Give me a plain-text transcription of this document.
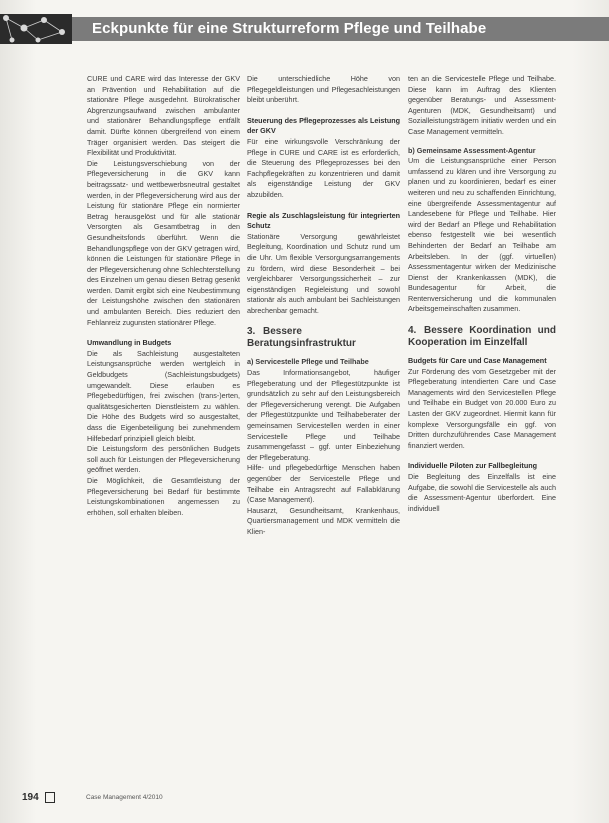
Eckpunkte für eine Strukturreform Pflege und Teilhabe

CURE und CARE wird das Interesse der GKV an Prävention und Rehabilitation auf die stationäre Pflege ausgedehnt. Bürokratischer Abgrenzungsaufwand zwischen ambulanter und stationärer Behandlungspflege entfällt damit. Dürfte können übergreifend von einem Träger organisiert werden. Das steigert die Flexibilität und Produktivität.

Die Leistungsverschiebung von der Pflegeversicherung in die GKV kann beitragssatz- und wettbewerbsneutral gestaltet werden, in der Pflegeversicherung wird aus der Leistung für stationäre Pflege ein normierter Betrag herausgelöst und für alle stationär Versorgten als Gesamtbetrag in den Gesundheitsfonds überführt. Wenn die Behandlungspflege von der GKV getragen wird, können die Leistungen für stationäre Pflege in der Pflegeversicherung ohne Schlechterstellung des Einzelnen um genau diesen Betrag gesenkt werden. Damit ergibt sich eine Neubestimmung der Leistungshöhe zwischen den stationären und ambulanten Bereich. Dies reduziert den Fehlanreiz zugunsten stationärer Pflege.

Umwandlung in Budgets

Die als Sachleistung ausgestalteten Leistungsansprüche werden wertgleich in Geldbudgets (Sachleistungsbudgets) umgewandelt. Diese erlauben es Pflegebedürftigen, frei zwischen (trans-)erten, qualitätsgesicherten Dienstleistern zu wählen. Die Höhe des Budgets wird so ausgestaltet, dass die Eigenbeteiligung bei zunehmendem Hilfebedarf prinzipiell gleich bleibt.

Die Leistungsform des persönlichen Budgets soll auch für Leistungen der Pflegeversicherung geöffnet werden.

Die Möglichkeit, die Gesamtleistung der Pflegeversicherung bei Bedarf für bestimmte Leistungskombinationen angemessen zu erhöhen, soll erhalten bleiben.

Die unterschiedliche Höhe von Pflegegeldleistungen und Pflegesachleistungen bleibt unberührt.

Steuerung des Pflegeprozesses als Leistung der GKV

Für eine wirkungsvolle Verschränkung der Pflege in CURE und CARE ist es erforderlich, die Steuerung des Pflegeprozesses bei den Fachpflegekräften zu konzentrieren und damit als eigenständige Leistung der GKV abzubilden.

Regie als Zuschlagsleistung für integrierten Schutz

Stationäre Versorgung gewährleistet Begleitung, Koordination und Schutz rund um die Uhr. Um flexible Versorgungsarrangements zu fördern, wird diese Besonderheit – bei vergleichbarer Versorgungssicherheit – zur eigenständigen Regieleistung und sowohl stationär als auch ambulant bei Sachleistungen abrechenbar gemacht.

3. Bessere Beratungsinfrastruktur

a) Servicestelle Pflege und Teilhabe

Das Informationsangebot, häufiger Pflegeberatung und der Pflegestützpunkte ist grundsätzlich zu sehr auf den Leistungsbereich der Pflegeversicherung verengt. Die Aufgaben der Pflegestützpunkte und Teilhabeberater der gemeinsamen Servicestellen werden in einer Servicestelle Pflege und Teilhabe zusammengefasst – ggf. unter Einbeziehung der Pflegeberatung.

Hilfe- und pflegebedürftige Menschen haben gegenüber der Servicestelle Pflege und Teilhabe ein Antragsrecht auf Fallabklärung (Case Management).

Hausarzt, Gesundheitsamt, Krankenhaus, Quartiersmanagement und MDK vermitteln die Klien-

ten an die Servicestelle Pflege und Teilhabe. Diese kann im Auftrag des Klienten gegenüber Beratungs- und Assessment-Agenturen (MDK, Gesundheitsamt) und Sozialleistungsträgern initiativ werden und ein Case Management vermitteln.

b) Gemeinsame Assessment-Agentur

Um die Leistungsansprüche einer Person umfassend zu klären und ihre Versorgung zu planen und zu koordinieren, bedarf es einer weiteren und neu zu schaffenden Einrichtung, eine übergreifende Assessmentagentur auf Landesebene für Pflege und Teilhabe. Hier wird der Bedarf an Pflege und Rehabilitation ebenso festgestellt wie bei wesentlich Behinderten der Bedarf an Teilhabe am Arbeitsleben. In der (ggf. virtuellen) Assessmentagentur wirken der Medizinische Dienst der Krankenkassen (MDK), die Bundesagentur für Arbeit, die Rentenversicherung und die kommunalen Arbeitsgemeinschaften zusammen.

4. Bessere Koordination und Kooperation im Einzelfall

Budgets für Care und Case Management

Zur Förderung des vom Gesetzgeber mit der Pflegeberatung intendierten Care und Case Managements wird den Servicestellen Pflege und Teilhabe ein Budget von 20.000 Euro zu Lasten der GKV zugeordnet. Hiermit kann für komplexe Versorgungsfälle ein ggf. von Dritten durchzuführendes Case Management finanziert werden.

Individuelle Piloten zur Fallbegleitung

Die Begleitung des Einzelfalls ist eine Aufgabe, die sowohl die Servicestelle als auch die Assessment-Agentur überfordert. Eine individuell

194	Case Management 4/2010
